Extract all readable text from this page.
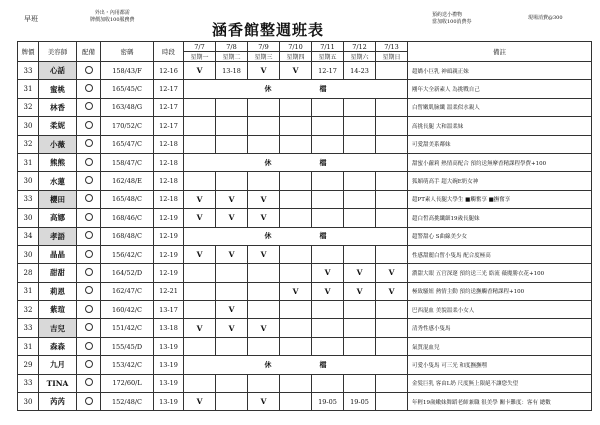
早班
外出・內用都需
牌價加收100服務費
涵香館整週班表
預約送小禮物
當加收100消費券
現場消費@300
牌價	美容師	配備	密碼	時段	7/7	7/8	7/9	7/10	7/11	7/12	7/13	備註
					星期一	星期二	星期三	星期四	星期五	星期六	星期日	
33	心話		158/43/F	12-16	V	13-18	V	V	12-17	14-23		超嬌小巨乳 神頭親正妹
31	蜜桃		165/45/C	12-17	休 檔							剛年大全新素人 為挑戰自己
32	林香		163/48/G	12-17								白皙嫩肌臉纖 溫柔似水親人
30	柔妮		170/52/C	12-17								高挑長腿 大和溫柔妹
32	小薇		165/47/C	12-18								可愛甜美系鄰妹
31	熊熊		158/47/C	12-18	休 檔							甜蜜小蘿莉 熱情高配合 預約送無摩香精課程學費+100
30	水蓮		162/48/E	12-18								狐媚萌高手 超大碗E奶女神
33	櫻田		165/48/C	12-18	V	V	V					超PT素人長腿大學生 ■觸奮享 ■撫奮享
30	高娜		168/46/C	12-19	V	V	V					超白皙高挑纖細19歲長腿妹
34	孝語		168/48/C	12-19	休 檔							超警甜心 S曲線美少女
30	晶晶		156/42/C	12-19	V	V	V					性感甜麗白皙小隻馬 配合度極高
28	甜甜		164/52/D	12-19					V	V	V	濃甜大眼 五官深邃 預約送三光 絡流 薇魔勝衣花+100
31	莉恩		162/47/C	12-21				V	V	V	V	極致騷妞 熱情主動 預約送撫觸香精課程+100
32	紫瑄		160/42/C	13-17		V						巴西混血 美貌溫柔小女人
33	吉兒		151/42/C	13-18	V	V	V					清秀性感小隻馬
31	森森		155/45/D	13-19								氣質混血兒
29	九月		153/42/C	13-19	休 檔							可愛小隻馬 可三光 和度撫撫嘿
33	TINA		172/60/L	13-19								金髮巨乳 客由L奶 尺度無上限絕不讓您失望
30	芮芮		152/48/C	13-19	V		V		19-05	19-05		年輕19歲嫩妹舞蹈老師兼職 很美學 關卡難度：客有 總數
